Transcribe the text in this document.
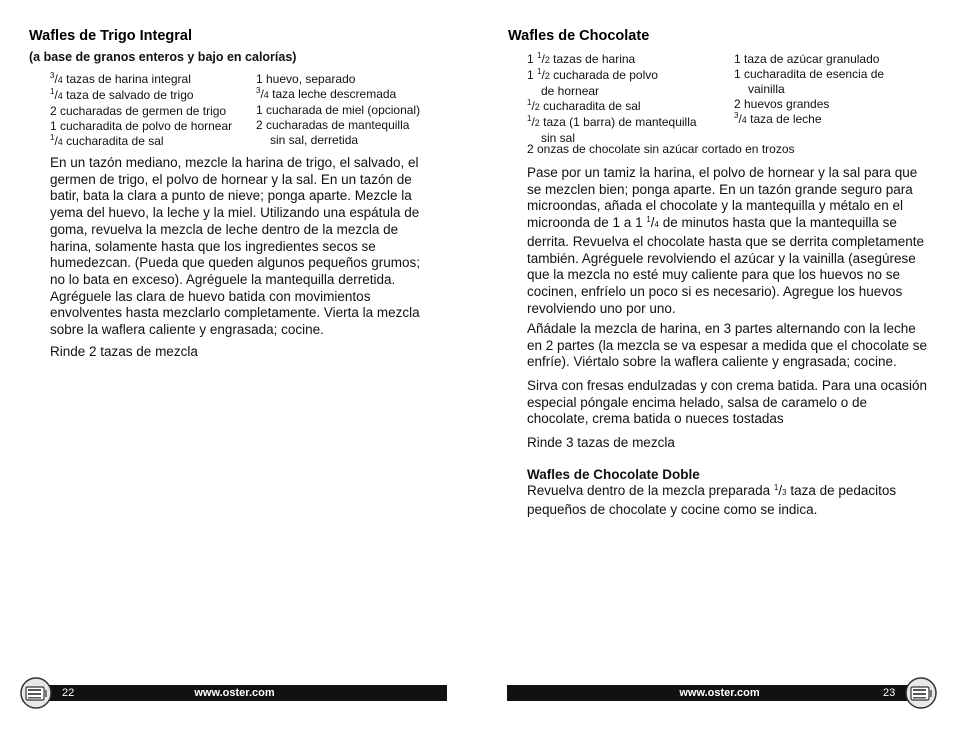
Wafles de Trigo Integral
(a base de granos enteros y bajo en calorías)
$^3$/4 tazas de harina integral
$^1$/4 taza de salvado de trigo
2 cucharadas de germen de trigo
1 cucharadita de polvo de hornear
$^1$/4 cucharadita de sal
1 huevo, separado
$^3$/4 taza leche descremada
1 cucharada de miel (opcional)
2 cucharadas de mantequilla
sin sal, derretida

En un tazón mediano, mezcle la harina de trigo, el salvado, el germen de trigo, el polvo de hornear y la sal. En un tazón de batir, bata la clara a punto de nieve; ponga aparte. Mezcle la yema del huevo, la leche y la miel. Utilizando una espátula de goma, revuelva la mezcla de leche dentro de la mezcla de harina, solamente hasta que los ingredientes secos se humedezcan. (Pueda que queden algunos pequeños grumos; no lo bata en exceso). Agréguele la mantequilla derretida. Agréguele las clara de huevo batida con movimientos envolventes hasta mezclarlo completamente. Vierta la mezcla sobre la waflera caliente y engrasada; cocine.

Rinde 2 tazas de mezcla
22	www.oster.com
Wafles de Chocolate
1 $^1$/2 tazas de harina
1 $^1$/2 cucharada de polvo
de hornear
$^1$/2 cucharadita de sal
$^1$/2 taza (1 barra) de mantequilla
sin sal
1 taza de azúcar granulado
1 cucharadita de esencia de
vainilla
2 huevos grandes
$^3$/4 taza de leche
2 onzas de chocolate sin azúcar cortado en trozos

Pase por un tamiz la harina, el polvo de hornear y la sal para que se mezclen bien; ponga aparte. En un tazón grande seguro para microondas, añada el chocolate y la mantequilla y métalo en el microonda de 1 a 1 $^1$/4 de minutos hasta que la mantequilla se derrita. Revuelva el chocolate hasta que se derrita completamente también. Agréguele revolviendo el azúcar y la vainilla (asegúrese que la mezcla no esté muy caliente para que los huevos no se cocinen, enfríelo un poco si es necesario). Agregue los huevos revolviendo uno por uno.

Añádale la mezcla de harina, en 3 partes alternando con la leche en 2 partes (la mezcla se va espesar a medida que el chocolate se enfríe). Viértalo sobre la waflera caliente y engrasada; cocine.

Sirva con fresas endulzadas y con crema batida. Para una ocasión especial póngale encima helado, salsa de caramelo o de chocolate, crema batida o nueces tostadas

Rinde 3 tazas de mezcla
Wafles de Chocolate Doble

Revuelva dentro de la mezcla preparada $^1$/3 taza de pedacitos pequeños de chocolate y cocine como se indica.

www.oster.com	23
